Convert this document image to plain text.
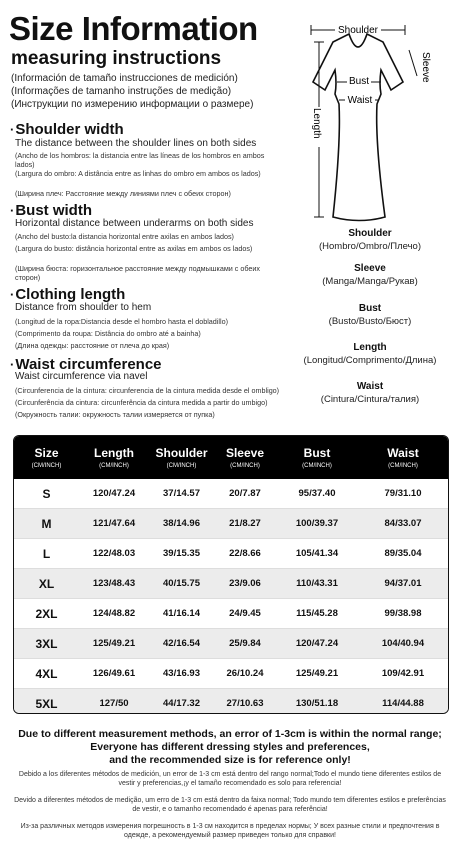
Size Information
measuring instructions
(Información de tamaño instrucciones de medición)
(Informações de tamanho instruções de medição)
(Инструкции по измерению информации о размере)
·Shoulder width
The distance between the shoulder lines on both sides
(Ancho de los hombros: la distancia entre las líneas de los hombros en ambos lados)
(Largura do ombro: A distância entre as linhas do ombro em ambos os lados)
(Ширина плеч: Расстояние между линиями плеч с обеих сторон)
·Bust width
Horizontal distance between underarms on both sides
(Ancho del busto:la distancia horizontal entre axilas en ambos lados)
(Largura do busto: distância horizontal entre as axilas em ambos os lados)
(Ширина бюста: горизонтальное расстояние между подмышками с обеих сторон)
·Clothing length
Distance from shoulder to hem
(Longitud de la ropa:Distancia desde el hombro hasta el dobladillo)
(Comprimento da roupa: Distância do ombro até a bainha)
(Длина одежды: расстояние от плеча до края)
·Waist circumference
Waist circumference via navel
(Circunferencia de la cintura: circunferencia de la cintura medida desde el ombligo)
(Circunferência da cintura: circunferência da cintura medida a partir do umbigo)
(Окружность талии: окружность талии измеряется от пупка)
Shoulder
Sleeve
Bust
Waist
Length
Shoulder
(Hombro/Ombro/Плечо)
Sleeve
(Manga/Manga/Рукав)
Bust
(Busto/Busto/Бюст)
Length
(Longitud/Comprimento/Длина)
Waist
(Cintura/Cintura/талия)
Size
(CM/INCH)
Length
(CM/INCH)
Shoulder
(CM/INCH)
Sleeve
(CM/INCH)
Bust
(CM/INCH)
Waist
(CM/INCH)
S	120/47.24	37/14.57	20/7.87	95/37.40	79/31.10
M	121/47.64	38/14.96	21/8.27	100/39.37	84/33.07
L	122/48.03	39/15.35	22/8.66	105/41.34	89/35.04
XL	123/48.43	40/15.75	23/9.06	110/43.31	94/37.01
2XL	124/48.82	41/16.14	24/9.45	115/45.28	99/38.98
3XL	125/49.21	42/16.54	25/9.84	120/47.24	104/40.94
4XL	126/49.61	43/16.93	26/10.24	125/49.21	109/42.91
5XL	127/50	44/17.32	27/10.63	130/51.18	114/44.88
Due to different measurement methods, an error of 1-3cm is within the normal range;
Everyone has different dressing styles and preferences,
and the recommended size is for reference only!
Debido a los diferentes métodos de medición, un error de 1-3 cm está dentro del rango normal;Todo el mundo tiene diferentes estilos de vestir y preferencias,¡y el tamaño recomendado es solo para referencia!
Devido a diferentes métodos de medição, um erro de 1-3 cm está dentro da faixa normal; Todo mundo tem diferentes estilos e preferências de vestir, e o tamanho recomendado é apenas para referência!
Из-за различных методов измерения погрешность в 1-3 см находится в пределах нормы; У всех разные стили и предпочтения в одежде, а рекомендуемый размер приведен только для справки!
